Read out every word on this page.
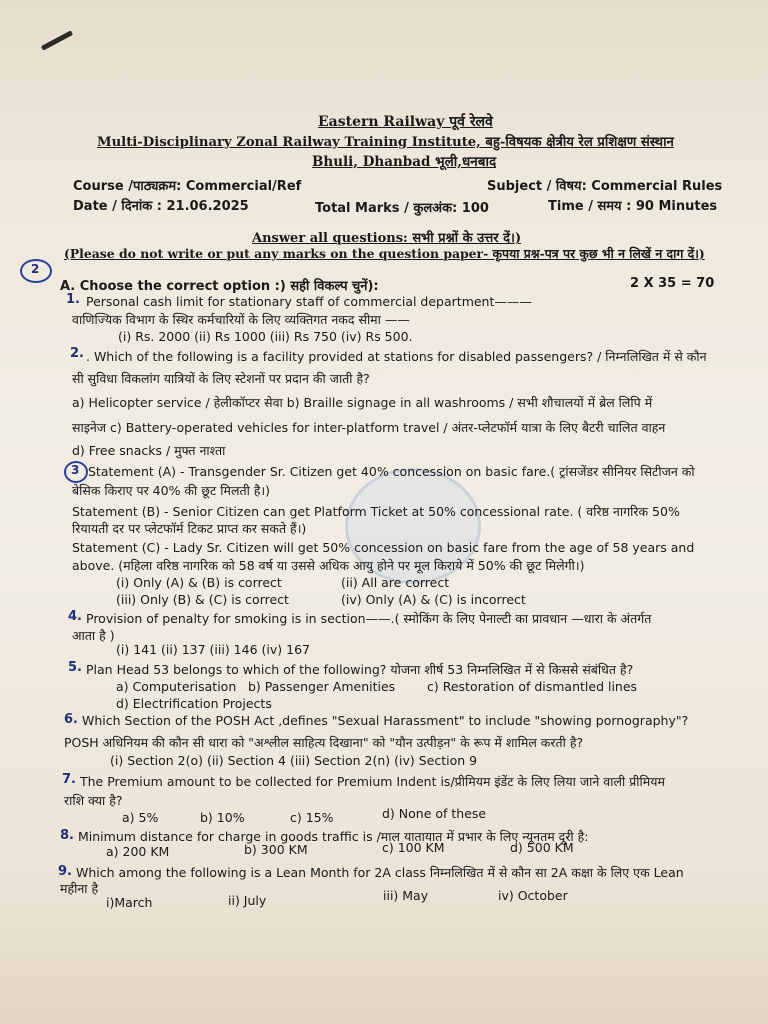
Eastern Railway पूर्व रेलवे
Multi-Disciplinary Zonal Railway Training Institute, बहु-विषयक क्षेत्रीय रेल प्रशिक्षण संस्थान
Bhuli, Dhanbad भूली,धनबाद
Course /पाठ्यक्रम: Commercial/Ref	Subject / विषय: Commercial Rules
Date / दिनांक : 21.06.2025	Total Marks / कुलअंक: 100	Time / समय : 90 Minutes
Answer all questions: सभी प्रश्नों के उत्तर दें।)
(Please do not write or put any marks on the question paper- कृपया प्रश्न-पत्र पर कुछ भी न लिखें न दाग दें।)
2
A. Choose the correct option :) सही विकल्प चुनें):	2 X 35 = 70
1. Personal cash limit for stationary staff of commercial department———
वाणिज्यिक विभाग के स्थिर कर्मचारियों के लिए व्यक्तिगत नकद सीमा ——
(i) Rs. 2000 (ii) Rs 1000 (iii) Rs 750 (iv) Rs 500.
2. . Which of the following is a facility provided at stations for disabled passengers? / निम्नलिखित में से कौन
सी सुविधा विकलांग यात्रियों के लिए स्टेशनों पर प्रदान की जाती है?
a) Helicopter service / हेलीकॉप्टर सेवा b) Braille signage in all washrooms / सभी शौचालयों में ब्रेल लिपि में
साइनेज c) Battery-operated vehicles for inter-platform travel / अंतर-प्लेटफॉर्म यात्रा के लिए बैटरी चालित वाहन
d) Free snacks / मुफ्त नाश्ता
3 Statement (A) - Transgender Sr. Citizen get 40% concession on basic fare.( ट्रांसजेंडर सीनियर सिटीजन को
बेसिक किराए पर 40% की छूट मिलती है।)
Statement (B) - Senior Citizen can get Platform Ticket at 50% concessional rate. ( वरिष्ठ नागरिक 50%
रियायती दर पर प्लेटफॉर्म टिकट प्राप्त कर सकते हैं।)
Statement (C) - Lady Sr. Citizen will get 50% concession on basic fare from the age of 58 years and
above. (महिला वरिष्ठ नागरिक को 58 वर्ष या उससे अधिक आयु होने पर मूल किराये में 50% की छूट मिलेगी।)
(i) Only (A) & (B) is correct	(ii) All are correct
(iii) Only (B) & (C) is correct	(iv) Only (A) & (C) is incorrect
4. Provision of penalty for smoking is in section——.( स्मोकिंग के लिए पेनाल्टी का प्रावधान —धारा के अंतर्गत
आता है )
(i) 141 (ii) 137 (iii) 146 (iv) 167
5. Plan Head 53 belongs to which of the following? योजना शीर्ष 53 निम्नलिखित में से किससे संबंधित है?
a) Computerisation b) Passenger Amenities	c) Restoration of dismantled lines
d) Electrification Projects
6. Which Section of the POSH Act ,defines "Sexual Harassment" to include "showing pornography"?
POSH अधिनियम की कौन सी धारा को "अश्लील साहित्य दिखाना" को "यौन उत्पीड़न" के रूप में शामिल करती है?
(i) Section 2(o) (ii) Section 4 (iii) Section 2(n) (iv) Section 9
7. The Premium amount to be collected for Premium Indent is/प्रीमियम इंडेंट के लिए लिया जाने वाली प्रीमियम
राशि क्या है?
a) 5%	b) 10%	c) 15%	d) None of these
8. Minimum distance for charge in goods traffic is /माल यातायात में प्रभार के लिए न्यूनतम दूरी है:
a) 200 KM	b) 300 KM	c) 100 KM	d) 500 KM
9. Which among the following is a Lean Month for 2A class निम्नलिखित में से कौन सा 2A कक्षा के लिए एक Lean
महीना है
i)March	ii) July	iii) May	iv) October
